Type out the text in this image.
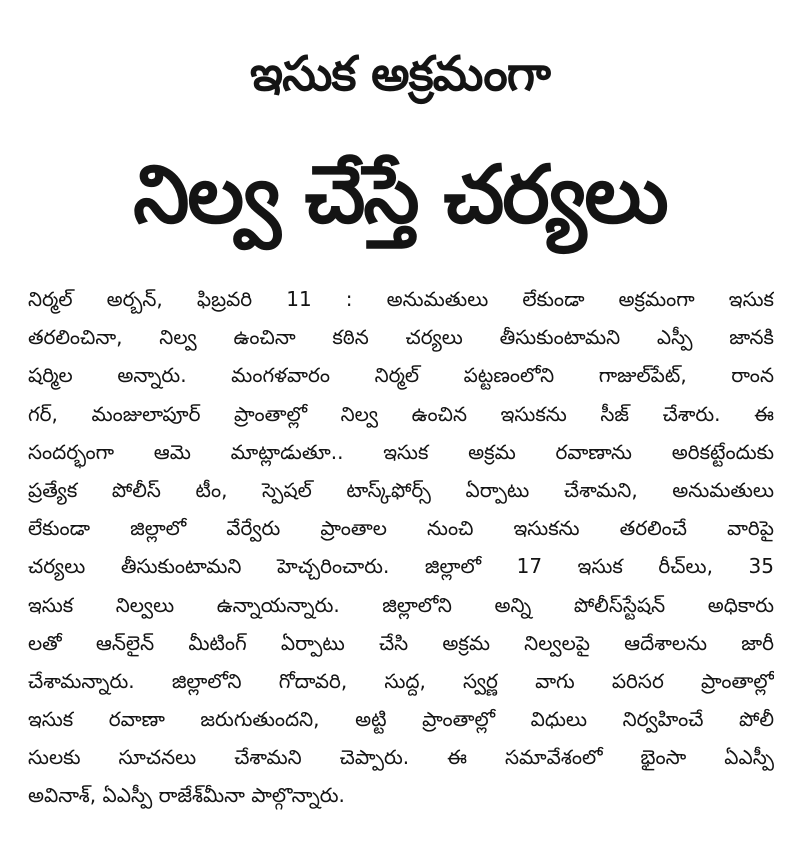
ఇసుక అక్రమంగా
నిల్వ చేస్తే చర్యలు
నిర్మల్ అర్బన్, ఫిబ్రవరి 11 : అనుమతులు లేకుండా అక్రమంగా ఇసుక
తరలించినా, నిల్వ ఉంచినా కఠిన చర్యలు తీసుకుంటామని ఎస్పీ జానకి
షర్మిల అన్నారు. మంగళవారం నిర్మల్ పట్టణంలోని గాజుల్‌పేట్, రాంన
గర్, మంజులాపూర్ ప్రాంతాల్లో నిల్వ ఉంచిన ఇసుకను సీజ్ చేశారు. ఈ
సందర్భంగా ఆమె మాట్లాడుతూ.. ఇసుక అక్రమ రవాణాను అరికట్టేందుకు
ప్రత్యేక పోలీస్ టీం, స్పెషల్ టాస్క్‌ఫోర్స్ ఏర్పాటు చేశామని, అనుమతులు
లేకుండా జిల్లాలో వేర్వేరు ప్రాంతాల నుంచి ఇసుకను తరలించే వారిపై
చర్యలు తీసుకుంటామని హెచ్చరించారు. జిల్లాలో 17 ఇసుక రీచ్‌లు, 35
ఇసుక నిల్వలు ఉన్నాయన్నారు. జిల్లాలోని అన్ని పోలీస్‌స్టేషన్ అధికారు
లతో ఆన్‌లైన్ మీటింగ్ ఏర్పాటు చేసి అక్రమ నిల్వలపై ఆదేశాలను జారీ
చేశామన్నారు. జిల్లాలోని గోదావరి, సుద్ద, స్వర్ణ వాగు పరిసర ప్రాంతాల్లో
ఇసుక రవాణా జరుగుతుందని, అట్టి ప్రాంతాల్లో విధులు నిర్వహించే పోలీ
సులకు సూచనలు చేశామని చెప్పారు. ఈ సమావేశంలో భైంసా ఏఎస్పీ
అవినాశ్, ఏఎస్పీ రాజేశ్‌మీనా పాల్గొన్నారు.
